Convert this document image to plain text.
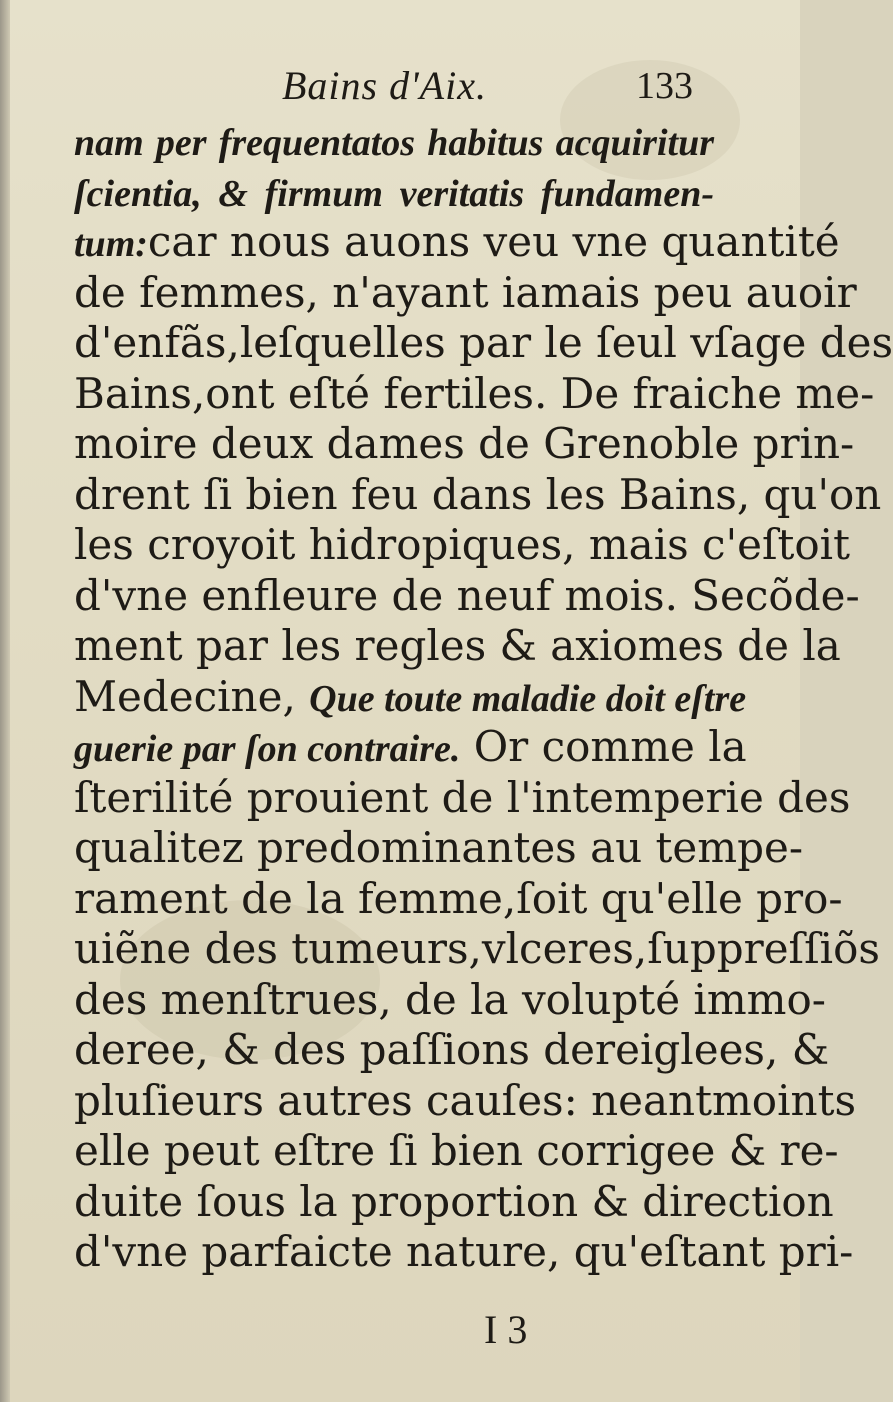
Bains d'Aix.	133
nam per frequentatos habitus acquiritur
ſcientia, & firmum veritatis fundamen-
tum:car nous auons veu vne quantité
de femmes, n'ayant iamais peu auoir
d'enfãs,leſquelles par le ſeul vſage des
Bains,ont eſté fertiles. De fraiche me-
moire deux dames de Grenoble prin-
drent ſi bien feu dans les Bains, qu'on
les croyoit hidropiques, mais c'eſtoit
d'vne enfleure de neuf mois. Secõde-
ment par les regles & axiomes de la
Medecine, Que toute maladie doit eſtre
guerie par ſon contraire. Or comme la
ſterilité prouient de l'intemperie des
qualitez predominantes au tempe-
rament de la femme,ſoit qu'elle pro-
uiẽne des tumeurs,vlceres,ſuppreſſiõs
des menſtrues, de la volupté immo-
deree, & des paſſions dereiglees, &
pluſieurs autres cauſes: neantmoints
elle peut eſtre ſi bien corrigee & re-
duite ſous la proportion & direction
d'vne parfaicte nature, qu'eſtant pri-
I 3
